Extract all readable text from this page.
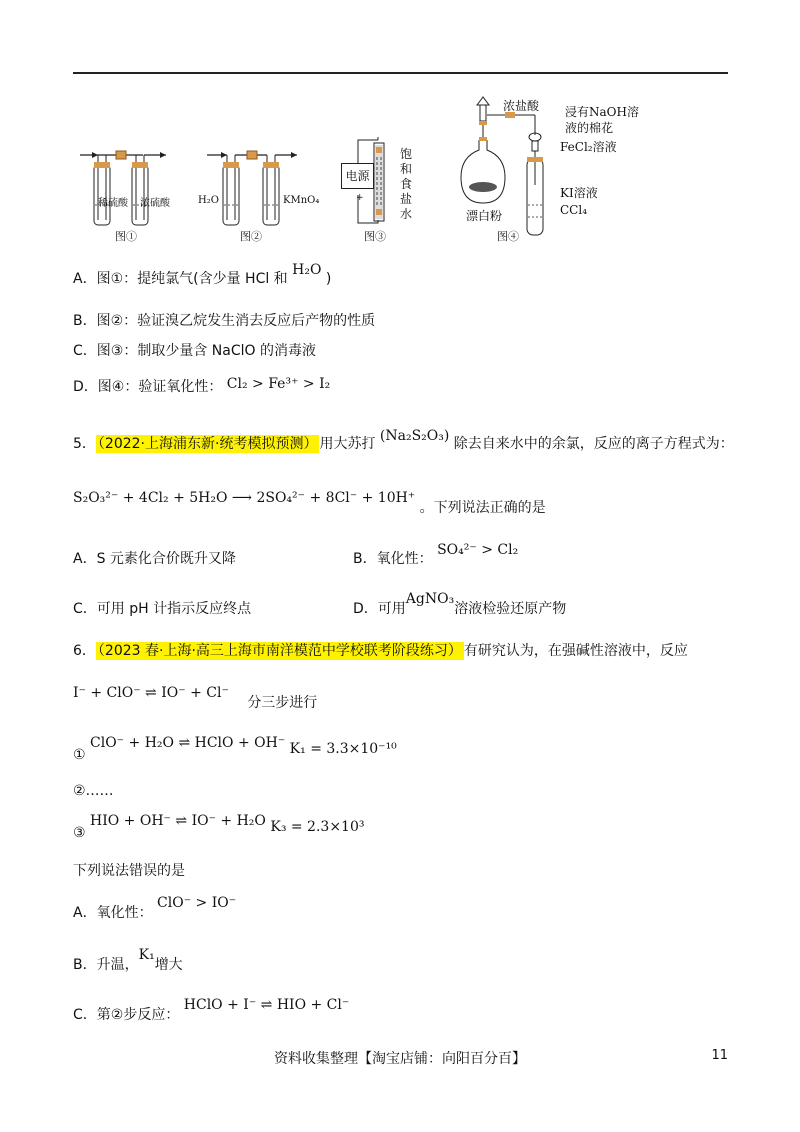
稀硫酸 浓硫酸
图①
H₂O	KMnO₄
图②
电源
+
饱和食盐水
图③
浓盐酸 浸有NaOH溶液的棉花
FeCl₂溶液
漂白粉
KI溶液
CCl₄
图④
A．图①：提纯氯气(含少量 HCl 和 H₂O )
B．图②：验证溴乙烷发生消去反应后产物的性质
C．图③：制取少量含 NaClO 的消毒液
D．图④：验证氧化性： Cl₂ > Fe³⁺ > I₂
5． （2022·上海浦东新·统考模拟预测） 用大苏打 (Na₂S₂O₃) 除去自来水中的余氯，反应的离子方程式为：
S₂O₃²⁻ + 4Cl₂ + 5H₂O ⟶ 2SO₄²⁻ + 8Cl⁻ + 10H⁺ 。下列说法正确的是
A．S 元素化合价既升又降	B．氧化性： SO₄²⁻ > Cl₂
C．可用 pH 计指示反应终点	D．可用AgNO₃溶液检验还原产物
6． （2023 春·上海·高三上海市南洋模范中学校联考阶段练习） 有研究认为，在强碱性溶液中，反应
I⁻ + ClO⁻ ⇌ IO⁻ + Cl⁻ 分三步进行
① ClO⁻ + H₂O ⇌ HClO + OH⁻ K₁ = 3.3×10⁻¹⁰
②……
③ HIO + OH⁻ ⇌ IO⁻ + H₂O K₃ = 2.3×10³
下列说法错误的是
A．氧化性： ClO⁻ > IO⁻
B．升温，K₁增大
C．第②步反应： HClO + I⁻ ⇌ HIO + Cl⁻
资料收集整理【淘宝店铺：向阳百分百】	11
